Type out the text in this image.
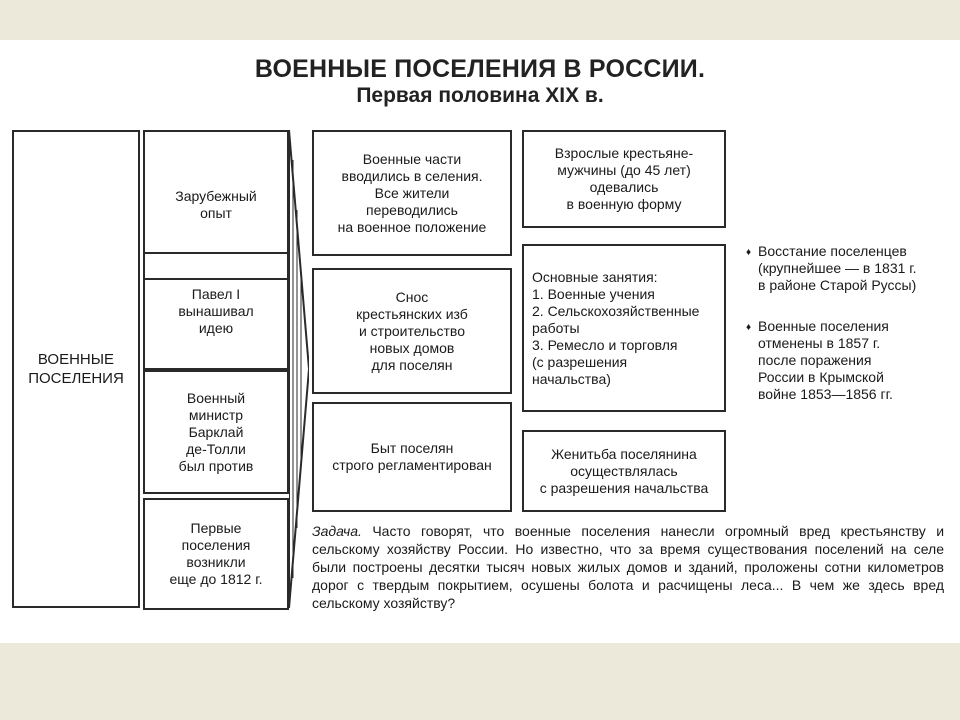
ВОЕННЫЕ ПОСЕЛЕНИЯ В РОССИИ.
Первая половина XIX в.
ВОЕННЫЕ
ПОСЕЛЕНИЯ
Зарубежный
опыт
Павел I
вынашивал
идею
Военный
министр
Барклай
де-Толли
был против
Первые
поселения
возникли
еще до 1812 г.
Военные части
вводились в селения.
Все жители
переводились
на военное положение
Снос
крестьянских изб
и строительство
новых домов
для поселян
Быт поселян
строго регламентирован
Взрослые крестьяне-
мужчины (до 45 лет)
одевались
в военную форму
Основные занятия:
1. Военные учения
2. Сельскохозяйственные
работы
3. Ремесло и торговля
(с разрешения
начальства)
Женитьба поселянина
осуществлялась
с разрешения начальства
♦ Восстание поселенцев
(крупнейшее — в 1831 г.
в районе Старой Руссы)
♦ Военные поселения
отменены в 1857 г.
после поражения
России в Крымской
войне 1853—1856 гг.
Задача. Часто говорят, что военные поселения нанесли огромный вред крестьянству и сельскому хозяйству России. Но известно, что за время существования поселений на селе были построены десятки тысяч новых жилых домов и зданий, проложены сотни километров дорог с твердым покрытием, осушены болота и расчищены леса... В чем же здесь вред сельскому хозяйству?
